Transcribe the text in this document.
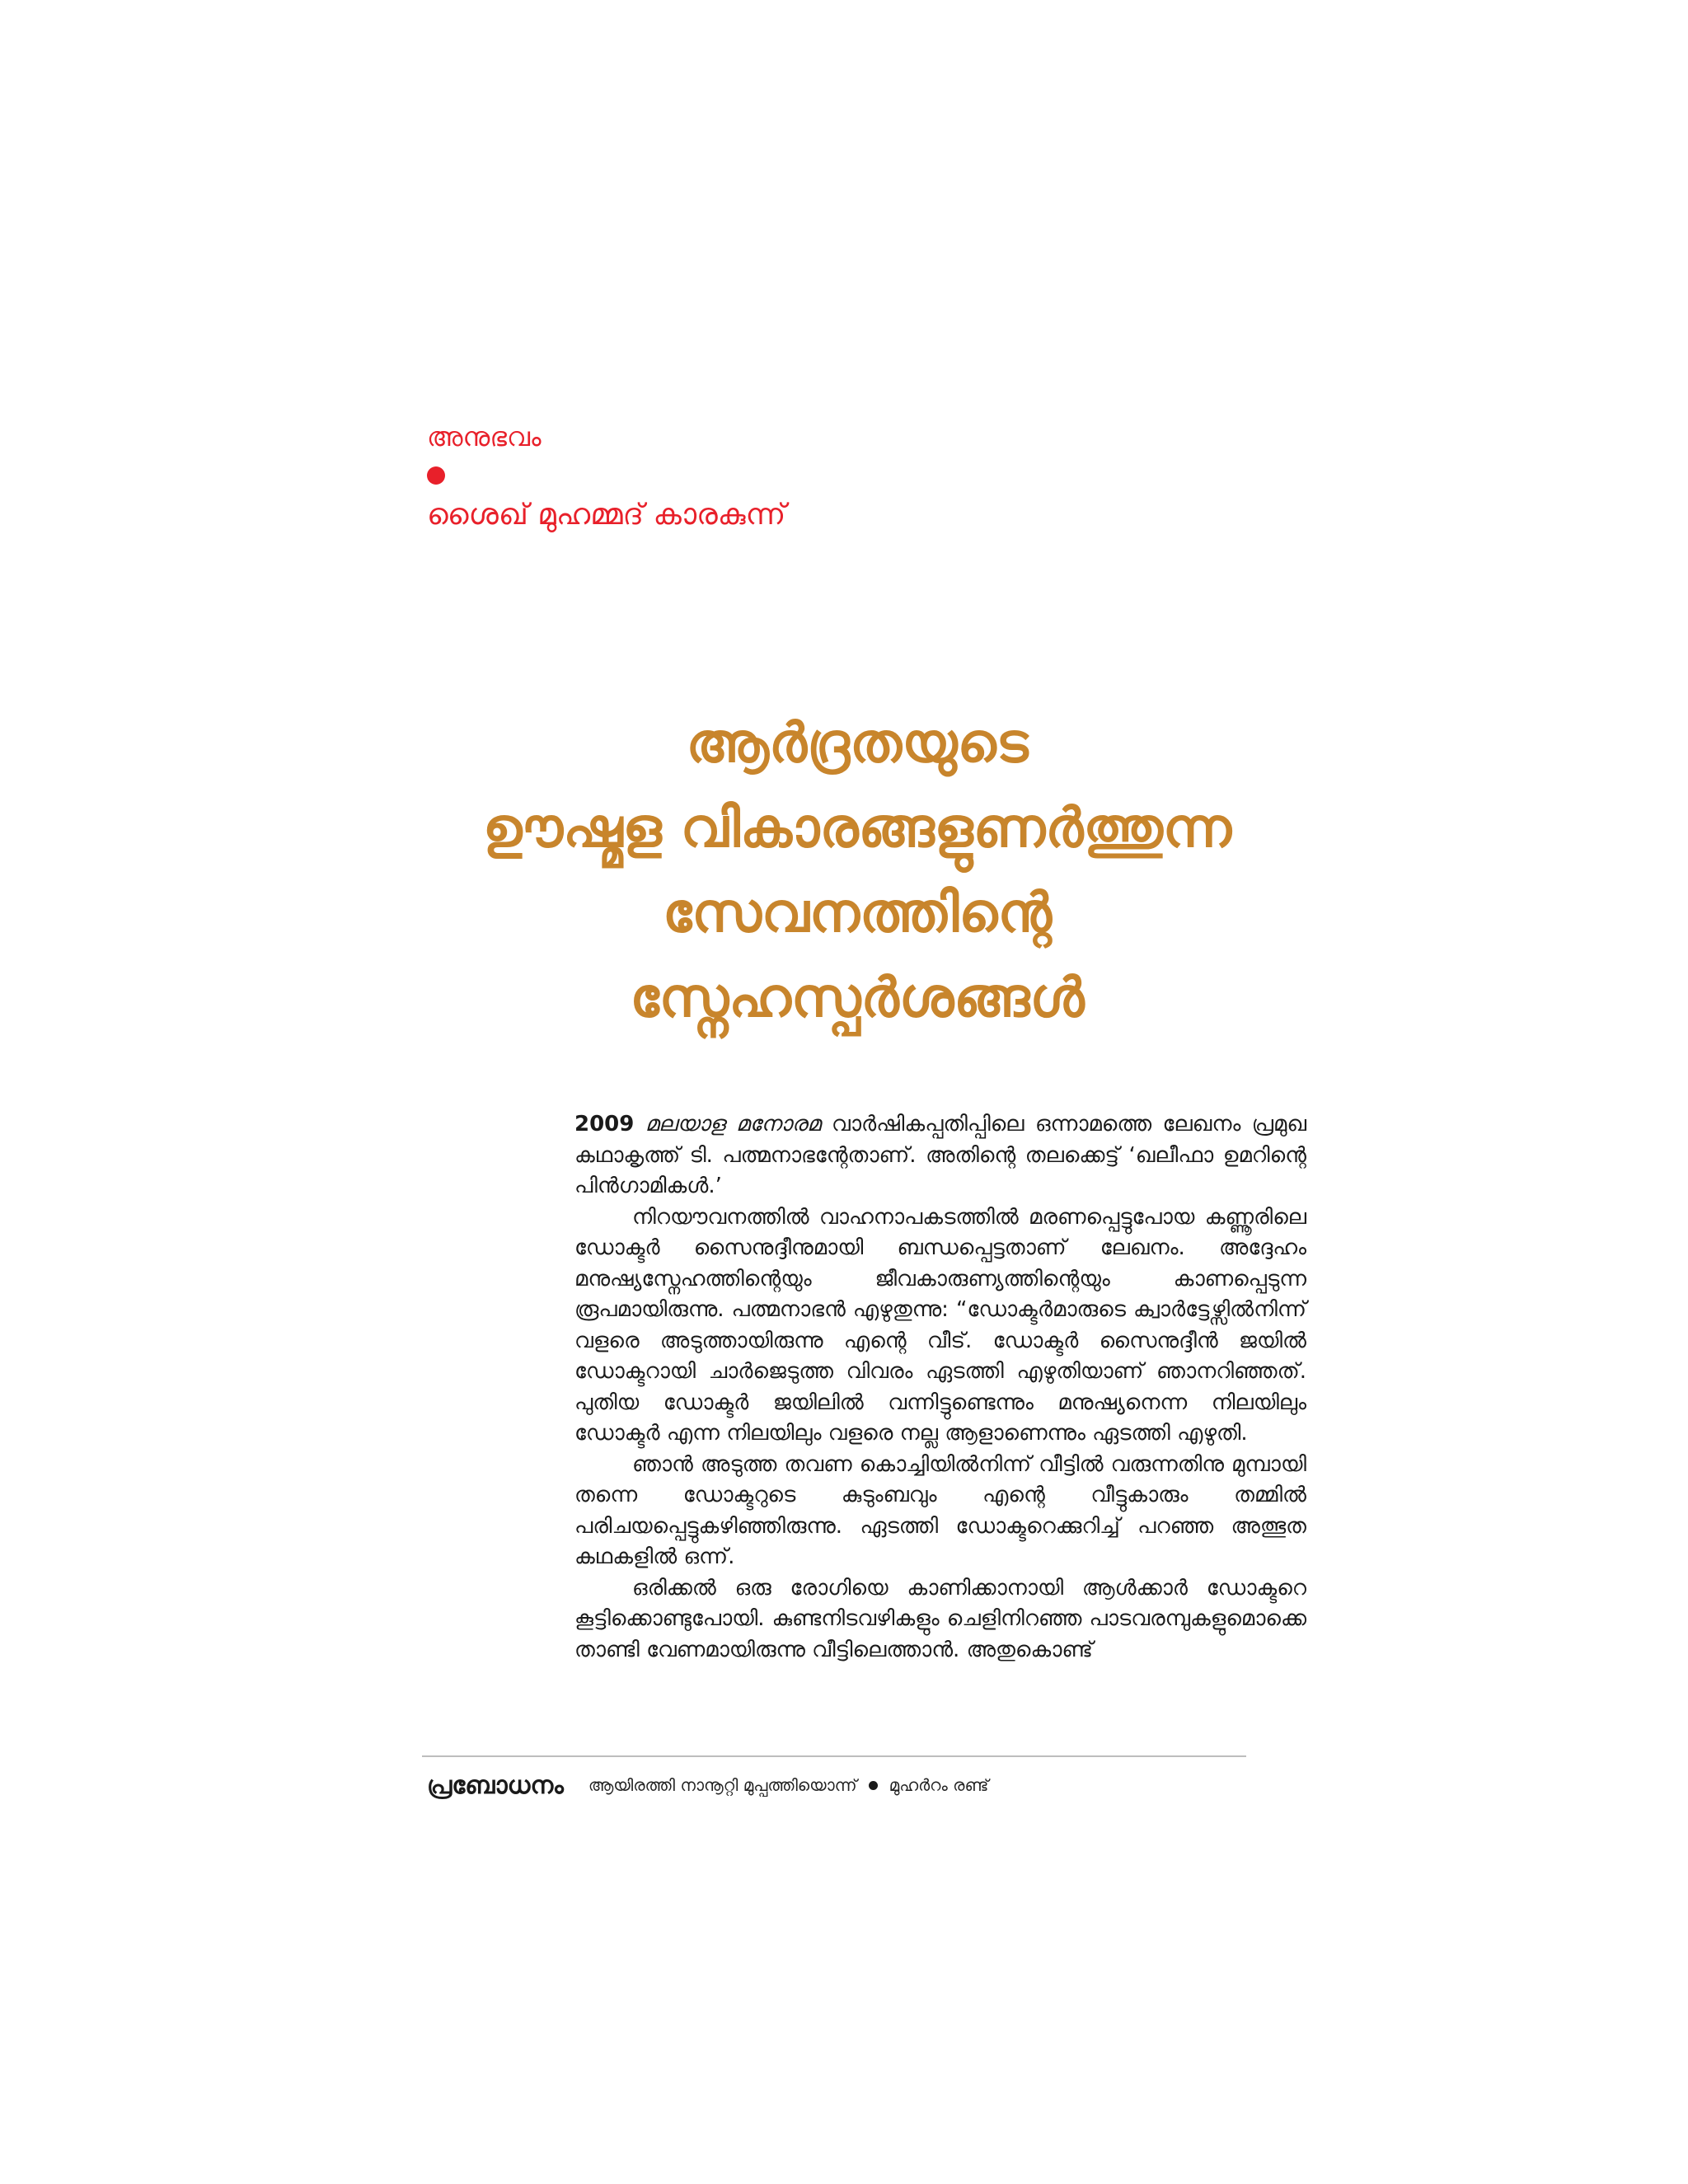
അനുഭവം
ശൈഖ് മുഹമ്മദ് കാരകുന്ന്
ആർദ്രതയുടെ
ഊഷ്മള വികാരങ്ങളുണർത്തുന്ന
സേവനത്തിന്റെ
സ്നേഹസ്പർശങ്ങൾ

2009 മലയാള മനോരമ വാർഷികപ്പതിപ്പിലെ ഒന്നാമത്തെ ലേഖനം പ്രമുഖ കഥാകൃത്ത് ടി. പത്മനാഭന്റേതാണ്. അതിന്റെ തലക്കെട്ട് ‘ഖലീഫാ ഉമറിന്റെ പിൻഗാമികൾ.’

നിറയൗവനത്തിൽ വാഹനാപകടത്തിൽ മരണപ്പെട്ടുപോയ കണ്ണൂരിലെ ഡോക്ടർ സൈനുദ്ദീനുമായി ബന്ധപ്പെട്ടതാണ് ലേഖനം. അദ്ദേഹം മനുഷ്യസ്നേഹത്തിന്റെയും ജീവകാരുണ്യത്തിന്റെയും കാണപ്പെടുന്ന രൂപമായിരുന്നു. പത്മനാഭൻ എഴുതുന്നു: “ഡോക്ടർമാരുടെ ക്വാർട്ടേഴ്സിൽനിന്ന് വളരെ അടുത്തായിരുന്നു എന്റെ വീട്. ഡോക്ടർ സൈനുദ്ദീൻ ജയിൽ ഡോക്ടറായി ചാർജെടുത്ത വിവരം ഏടത്തി എഴുതിയാണ് ഞാനറിഞ്ഞത്. പുതിയ ഡോക്ടർ ജയിലിൽ വന്നിട്ടുണ്ടെന്നും മനുഷ്യനെന്ന നിലയിലും ഡോക്ടർ എന്ന നിലയിലും വളരെ നല്ല ആളാണെന്നും ഏടത്തി എഴുതി.

ഞാൻ അടുത്ത തവണ കൊച്ചിയിൽനിന്ന് വീട്ടിൽ വരുന്നതിനു മുമ്പായി തന്നെ ഡോക്ടറുടെ കുടുംബവും എന്റെ വീട്ടുകാരും തമ്മിൽ പരിചയപ്പെട്ടുകഴിഞ്ഞിരുന്നു. ഏടത്തി ഡോക്ടറെക്കുറിച്ച് പറഞ്ഞ അത്ഭുത കഥകളിൽ ഒന്ന്.

ഒരിക്കൽ ഒരു രോഗിയെ കാണിക്കാനായി ആൾക്കാർ ഡോക്ടറെ കൂട്ടിക്കൊണ്ടുപോയി. കുണ്ടനിടവഴികളും ചെളിനിറഞ്ഞ പാടവരമ്പുകളുമൊക്കെ താണ്ടി വേണമായിരുന്നു വീട്ടിലെത്താൻ. അതുകൊണ്ട്

പ്രബോധനം ആയിരത്തി നാനൂറ്റി മുപ്പത്തിയൊന്ന് മുഹർറം രണ്ട്
